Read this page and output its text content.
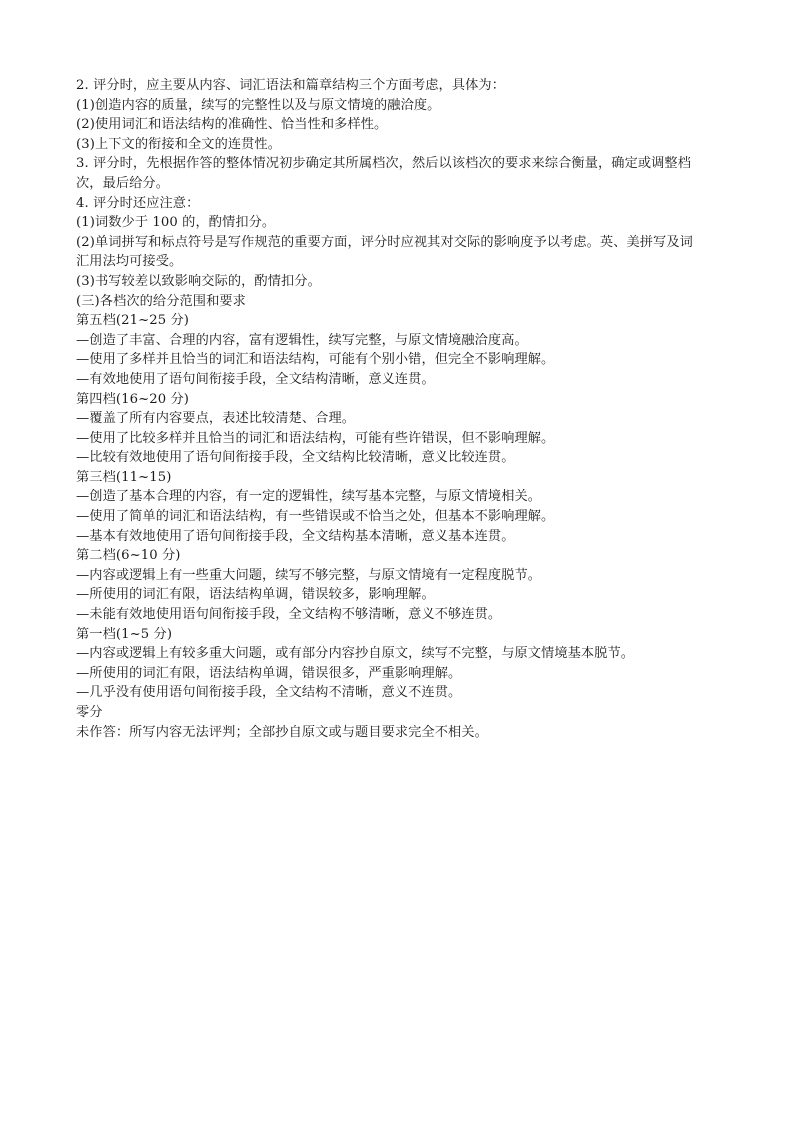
2. 评分时，应主要从内容、词汇语法和篇章结构三个方面考虑，具体为：
(1)创造内容的质量，续写的完整性以及与原文情境的融洽度。
(2)使用词汇和语法结构的准确性、恰当性和多样性。
(3)上下文的衔接和全文的连贯性。
3. 评分时，先根据作答的整体情况初步确定其所属档次，然后以该档次的要求来综合衡量，确定或调整档
次，最后给分。
4. 评分时还应注意：
(1)词数少于 100 的，酌情扣分。
(2)单词拼写和标点符号是写作规范的重要方面，评分时应视其对交际的影响度予以考虑。英、美拼写及词
汇用法均可接受。
(3)书写较差以致影响交际的，酌情扣分。
(三)各档次的给分范围和要求
第五档(21~25 分)
—创造了丰富、合理的内容，富有逻辑性，续写完整，与原文情境融洽度高。
—使用了多样并且恰当的词汇和语法结构，可能有个别小错，但完全不影响理解。
—有效地使用了语句间衔接手段，全文结构清晰，意义连贯。
第四档(16~20 分)
—覆盖了所有内容要点，表述比较清楚、合理。
—使用了比较多样并且恰当的词汇和语法结构，可能有些许错误，但不影响理解。
—比较有效地使用了语句间衔接手段，全文结构比较清晰，意义比较连贯。
第三档(11~15)
—创造了基本合理的内容，有一定的逻辑性，续写基本完整，与原文情境相关。
—使用了简单的词汇和语法结构，有一些错误或不恰当之处，但基本不影响理解。
—基本有效地使用了语句间衔接手段，全文结构基本清晰，意义基本连贯。
第二档(6~10 分)
—内容或逻辑上有一些重大问题，续写不够完整，与原文情境有一定程度脱节。
—所使用的词汇有限，语法结构单调，错误较多，影响理解。
—未能有效地使用语句间衔接手段，全文结构不够清晰，意义不够连贯。
第一档(1~5 分)
—内容或逻辑上有较多重大问题，或有部分内容抄自原文，续写不完整，与原文情境基本脱节。
—所使用的词汇有限，语法结构单调，错误很多，严重影响理解。
—几乎没有使用语句间衔接手段，全文结构不清晰，意义不连贯。
零分
未作答：所写内容无法评判；全部抄自原文或与题目要求完全不相关。
